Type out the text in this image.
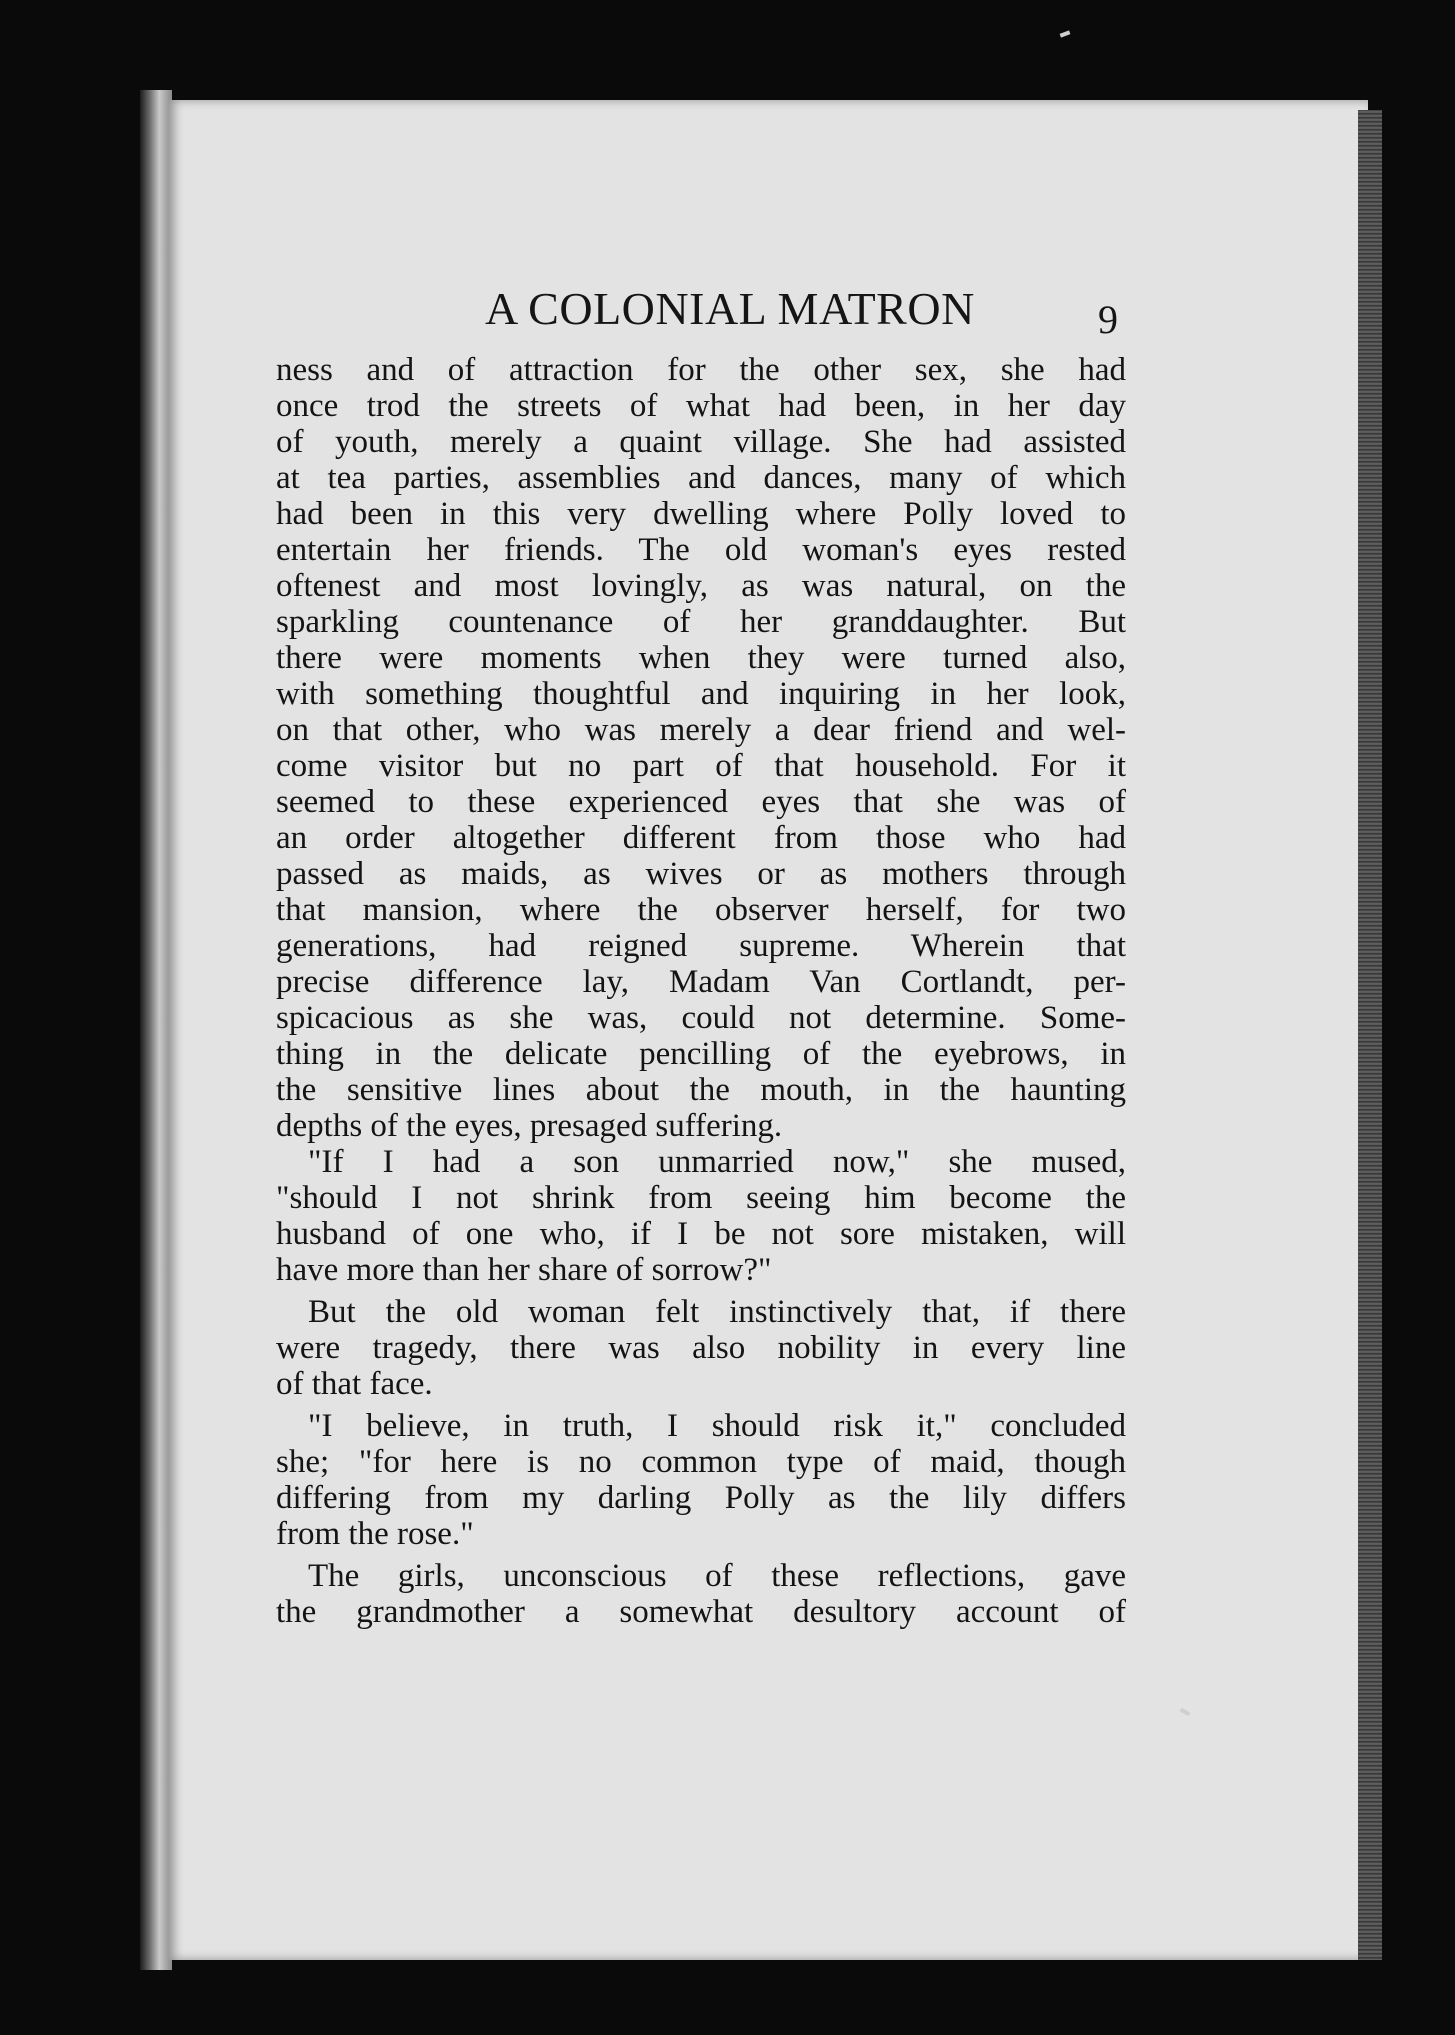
A COLONIAL MATRON	9
ness and of attraction for the other sex, she had
once trod the streets of what had been, in her day
of youth, merely a quaint village. She had assisted
at tea parties, assemblies and dances, many of which
had been in this very dwelling where Polly loved to
entertain her friends. The old woman's eyes rested
oftenest and most lovingly, as was natural, on the
sparkling countenance of her granddaughter. But
there were moments when they were turned also,
with something thoughtful and inquiring in her look,
on that other, who was merely a dear friend and wel-
come visitor but no part of that household. For it
seemed to these experienced eyes that she was of
an order altogether different from those who had
passed as maids, as wives or as mothers through
that mansion, where the observer herself, for two
generations, had reigned supreme. Wherein that
precise difference lay, Madam Van Cortlandt, per-
spicacious as she was, could not determine. Some-
thing in the delicate pencilling of the eyebrows, in
the sensitive lines about the mouth, in the haunting
depths of the eyes, presaged suffering.
"If I had a son unmarried now," she mused,
"should I not shrink from seeing him become the
husband of one who, if I be not sore mistaken, will
have more than her share of sorrow?"
But the old woman felt instinctively that, if there
were tragedy, there was also nobility in every line
of that face.
"I believe, in truth, I should risk it," concluded
she; "for here is no common type of maid, though
differing from my darling Polly as the lily differs
from the rose."
The girls, unconscious of these reflections, gave
the grandmother a somewhat desultory account of
